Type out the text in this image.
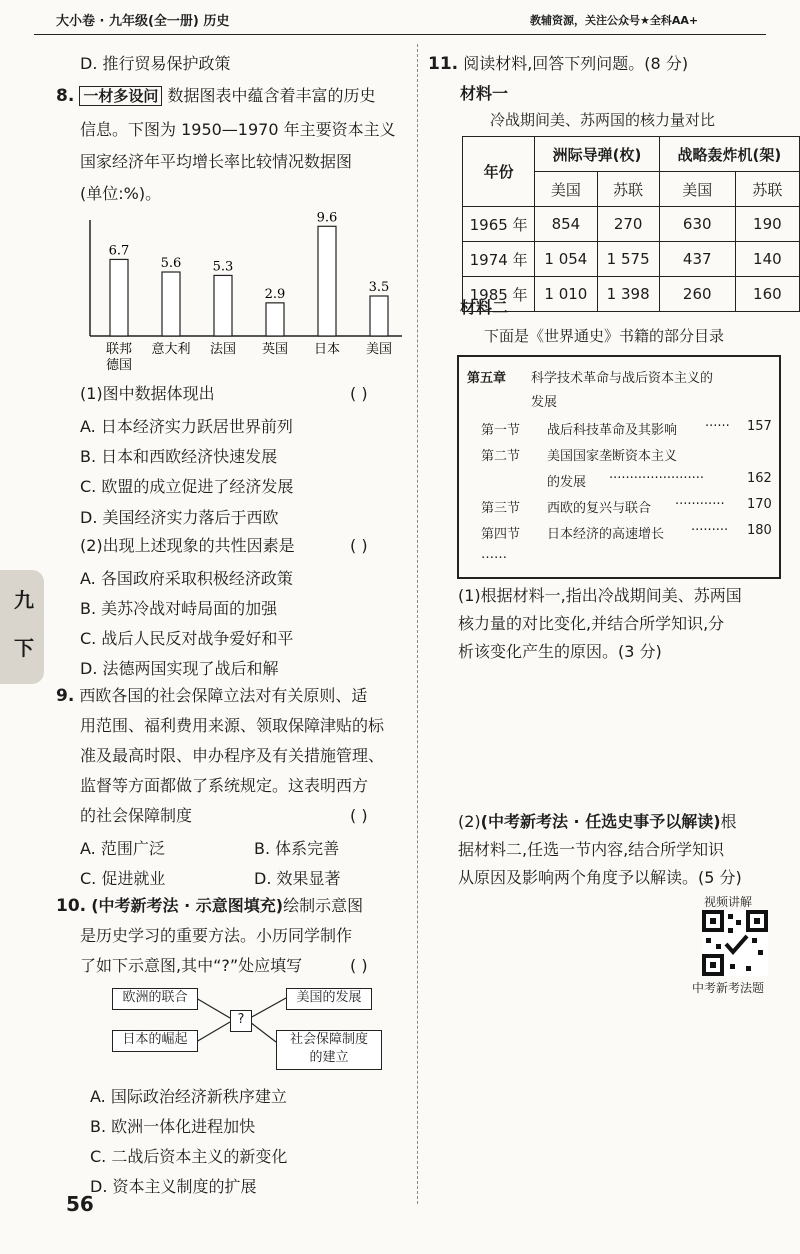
大小卷 · 九年级(全一册) 历史	教辅资源，关注公众号★全科AA+
九
下
D. 推行贸易保护政策
8. 一材多设问 数据图表中蕴含着丰富的历史
信息。下图为 1950—1970 年主要资本主义
国家经济年平均增长率比较情况数据图
(单位:%)。
6.7
联邦
德国
5.6
意大利
5.3
法国
2.9
英国
9.6
日本
3.5
美国
(1)图中数据体现出	( )
A. 日本经济实力跃居世界前列
B. 日本和西欧经济快速发展
C. 欧盟的成立促进了经济发展
D. 美国经济实力落后于西欧
(2)出现上述现象的共性因素是	( )
A. 各国政府采取积极经济政策
B. 美苏冷战对峙局面的加强
C. 战后人民反对战争爱好和平
D. 法德两国实现了战后和解
9. 西欧各国的社会保障立法对有关原则、适
用范围、福利费用来源、领取保障津贴的标
准及最高时限、申办程序及有关措施管理、
监督等方面都做了系统规定。这表明西方
的社会保障制度	( )
A. 范围广泛	B. 体系完善
C. 促进就业	D. 效果显著
10. (中考新考法 · 示意图填充)绘制示意图
是历史学习的重要方法。小历同学制作
了如下示意图,其中“?”处应填写	( )
欧洲的联合
日本的崛起
?
美国的发展
社会保障制度
的建立
A. 国际政治经济新秩序建立
B. 欧洲一体化进程加快
C. 二战后资本主义的新变化
D. 资本主义制度的扩展
56
11. 阅读材料,回答下列问题。(8 分)
材料一
冷战期间美、苏两国的核力量对比
年份	洲际导弹(枚)		战略轰炸机(架)	
	美国	苏联	美国	苏联
1965 年	854	270	630	190
1974 年	1 054	1 575	437	140
1985 年	1 010	1 398	260	160
材料二
下面是《世界通史》书籍的部分目录
第五章 科学技术革命与战后资本主义的
发展
第一节 战后科技革命及其影响 ······ 157
第二节 美国国家垄断资本主义
的发展 ·······················	162
第三节 西欧的复兴与联合 ············ 170
第四节 日本经济的高速增长 ········· 180
……
(1)根据材料一,指出冷战期间美、苏两国
核力量的对比变化,并结合所学知识,分
析该变化产生的原因。(3 分)
(2)(中考新考法 · 任选史事予以解读)根
据材料二,任选一节内容,结合所学知识
从原因及影响两个角度予以解读。(5 分)
视频讲解
中考新考法题
